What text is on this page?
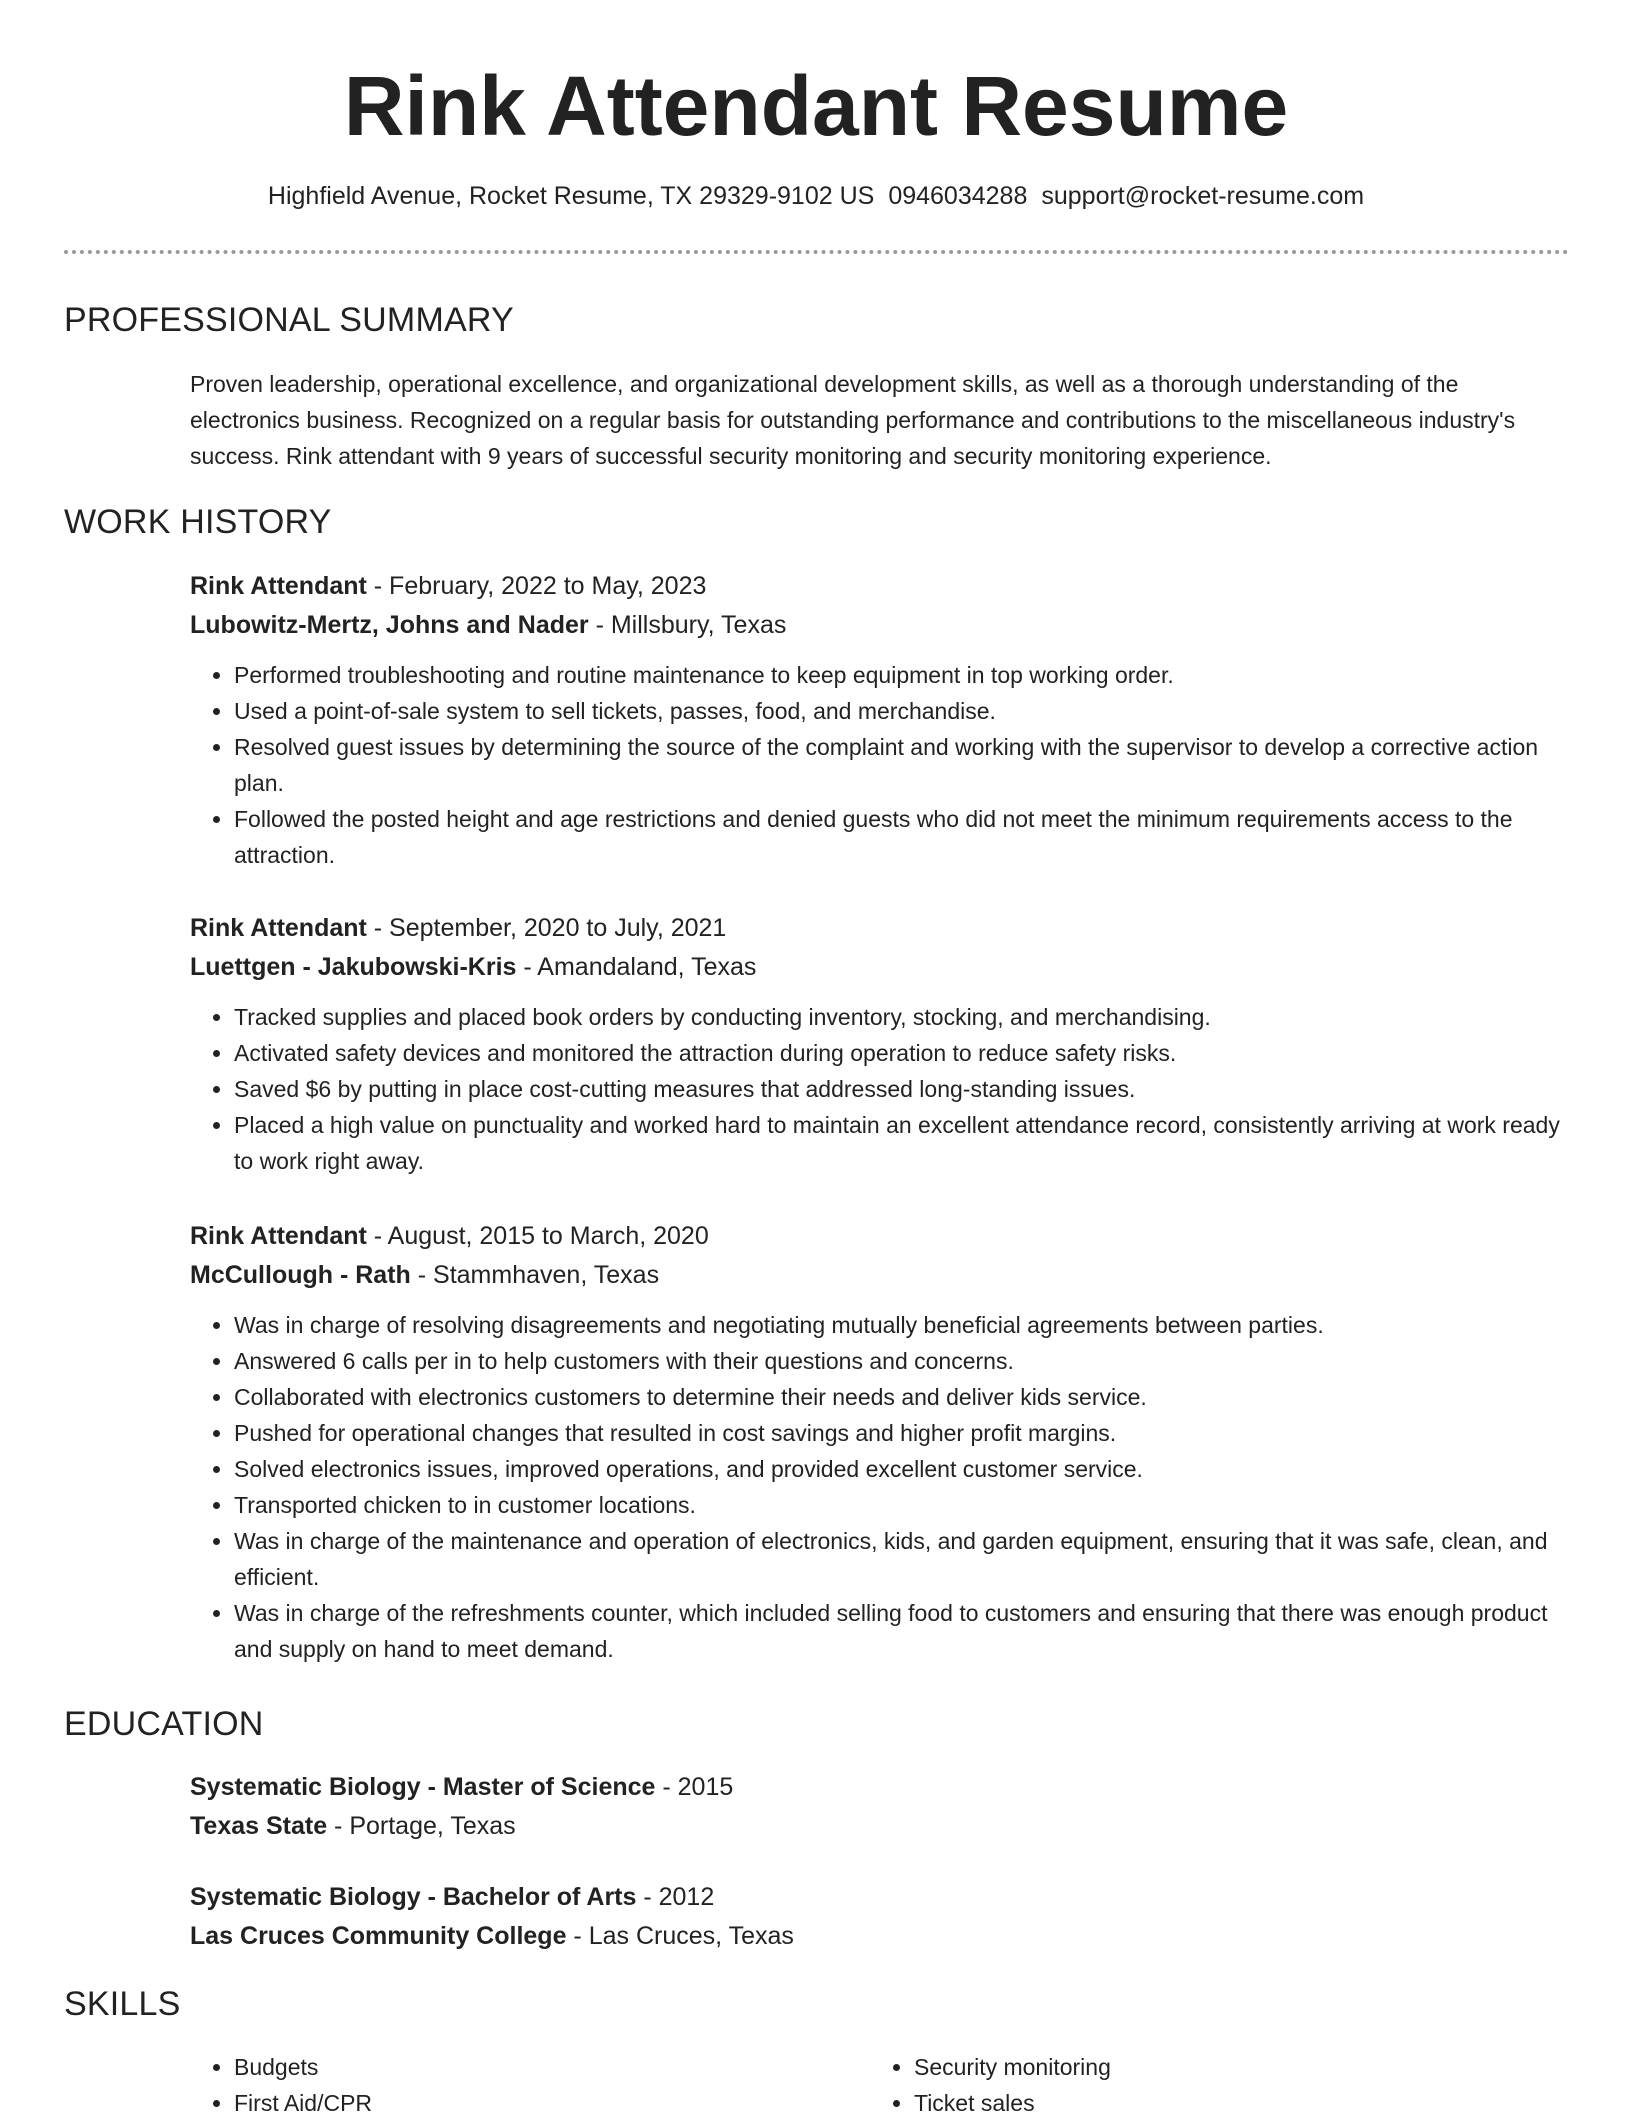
Rink Attendant Resume
Highfield Avenue, Rocket Resume, TX 29329-9102 US 0946034288 support@rocket-resume.com
PROFESSIONAL SUMMARY
Proven leadership, operational excellence, and organizational development skills, as well as a thorough understanding of the electronics business. Recognized on a regular basis for outstanding performance and contributions to the miscellaneous industry's success. Rink attendant with 9 years of successful security monitoring and security monitoring experience.
WORK HISTORY
Rink Attendant - February, 2022 to May, 2023
Lubowitz-Mertz, Johns and Nader - Millsbury, Texas
• Performed troubleshooting and routine maintenance to keep equipment in top working order.
• Used a point-of-sale system to sell tickets, passes, food, and merchandise.
• Resolved guest issues by determining the source of the complaint and working with the supervisor to develop a corrective action plan.
• Followed the posted height and age restrictions and denied guests who did not meet the minimum requirements access to the attraction.
Rink Attendant - September, 2020 to July, 2021
Luettgen - Jakubowski-Kris - Amandaland, Texas
• Tracked supplies and placed book orders by conducting inventory, stocking, and merchandising.
• Activated safety devices and monitored the attraction during operation to reduce safety risks.
• Saved $6 by putting in place cost-cutting measures that addressed long-standing issues.
• Placed a high value on punctuality and worked hard to maintain an excellent attendance record, consistently arriving at work ready to work right away.
Rink Attendant - August, 2015 to March, 2020
McCullough - Rath - Stammhaven, Texas
• Was in charge of resolving disagreements and negotiating mutually beneficial agreements between parties.
• Answered 6 calls per in to help customers with their questions and concerns.
• Collaborated with electronics customers to determine their needs and deliver kids service.
• Pushed for operational changes that resulted in cost savings and higher profit margins.
• Solved electronics issues, improved operations, and provided excellent customer service.
• Transported chicken to in customer locations.
• Was in charge of the maintenance and operation of electronics, kids, and garden equipment, ensuring that it was safe, clean, and efficient.
• Was in charge of the refreshments counter, which included selling food to customers and ensuring that there was enough product and supply on hand to meet demand.
EDUCATION
Systematic Biology - Master of Science - 2015
Texas State - Portage, Texas
Systematic Biology - Bachelor of Arts - 2012
Las Cruces Community College - Las Cruces, Texas
SKILLS
• Budgets
• First Aid/CPR
• Security monitoring
• Ticket sales
